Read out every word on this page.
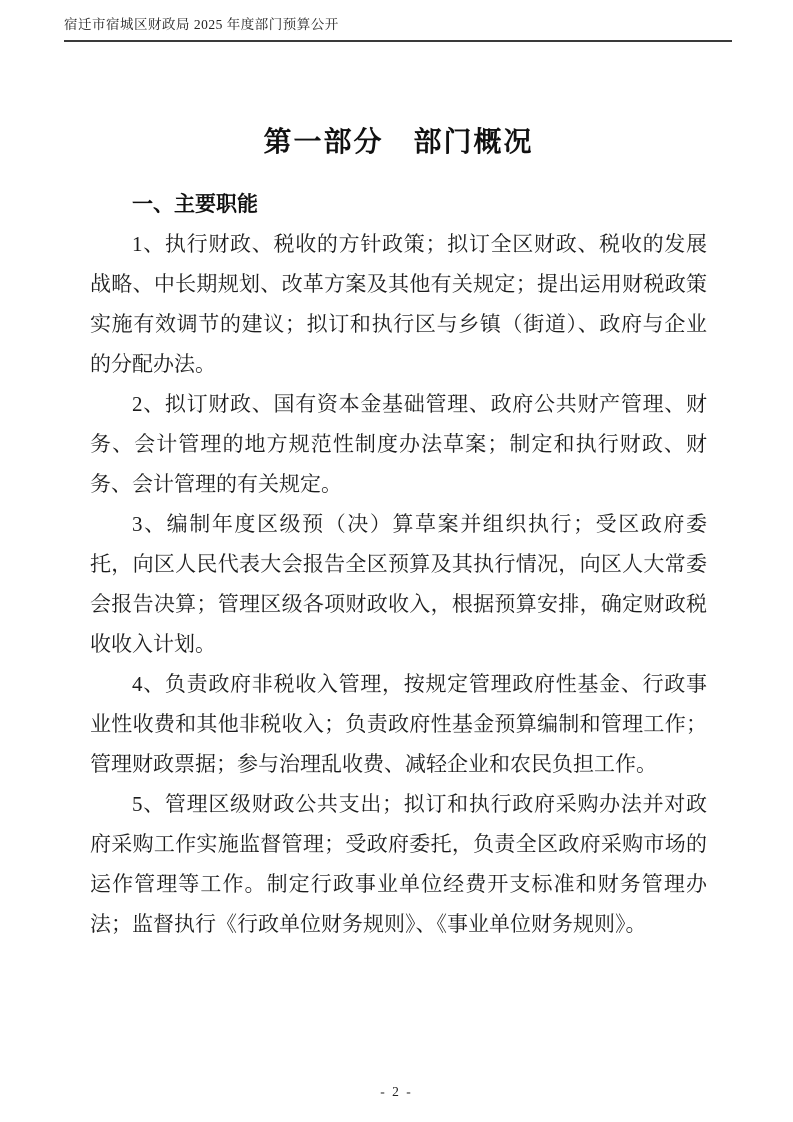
宿迁市宿城区财政局 2025 年度部门预算公开
第一部分　部门概况
一、主要职能

1、执行财政、税收的方针政策；拟订全区财政、税收的发展战略、中长期规划、改革方案及其他有关规定；提出运用财税政策实施有效调节的建议；拟订和执行区与乡镇（街道）、政府与企业的分配办法。

2、拟订财政、国有资本金基础管理、政府公共财产管理、财务、会计管理的地方规范性制度办法草案；制定和执行财政、财务、会计管理的有关规定。

3、编制年度区级预（决）算草案并组织执行；受区政府委托，向区人民代表大会报告全区预算及其执行情况，向区人大常委会报告决算；管理区级各项财政收入，根据预算安排，确定财政税收收入计划。

4、负责政府非税收入管理，按规定管理政府性基金、行政事业性收费和其他非税收入；负责政府性基金预算编制和管理工作；管理财政票据；参与治理乱收费、减轻企业和农民负担工作。

5、管理区级财政公共支出；拟订和执行政府采购办法并对政府采购工作实施监督管理；受政府委托，负责全区政府采购市场的运作管理等工作。制定行政事业单位经费开支标准和财务管理办法；监督执行《行政单位财务规则》、《事业单位财务规则》。

- 2 -
